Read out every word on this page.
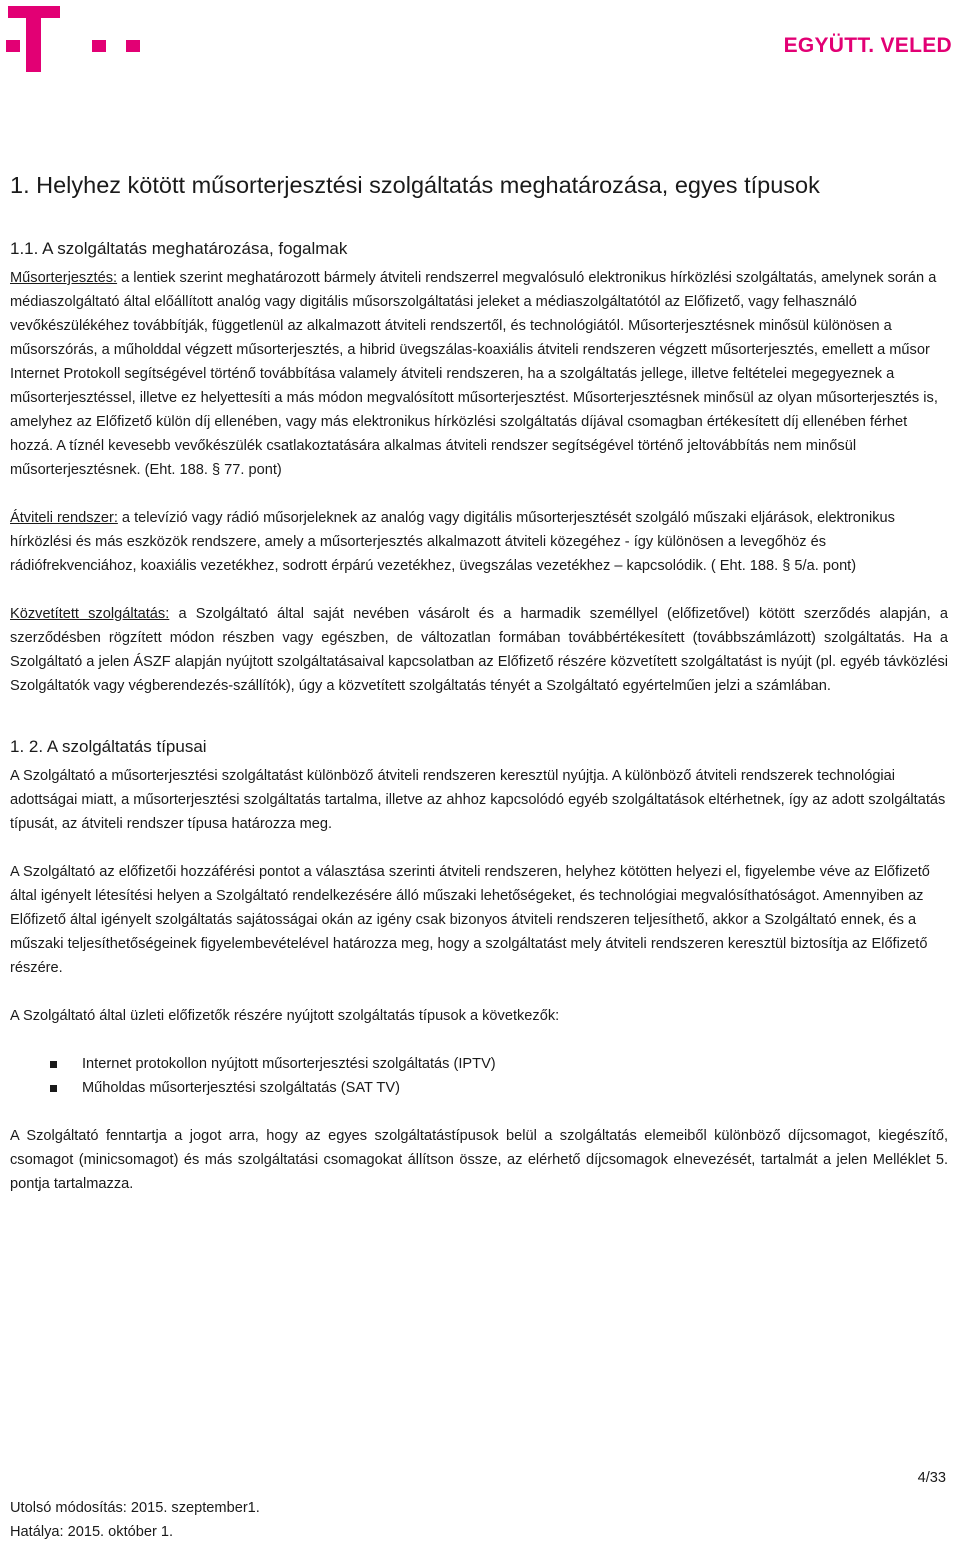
EGYÜTT. VELED
1. Helyhez kötött műsorterjesztési szolgáltatás meghatározása, egyes típusok
1.1. A szolgáltatás meghatározása, fogalmak

Műsorterjesztés: a lentiek szerint meghatározott bármely átviteli rendszerrel megvalósuló elektronikus hírközlési szolgáltatás, amelynek során a médiaszolgáltató által előállított analóg vagy digitális műsorszolgáltatási jeleket a médiaszolgáltatótól az Előfizető, vagy felhasználó vevőkészülékéhez továbbítják, függetlenül az alkalmazott átviteli rendszertől, és technológiától. Műsorterjesztésnek minősül különösen a műsorszórás, a műholddal végzett műsorterjesztés, a hibrid üvegszálas-koaxiális átviteli rendszeren végzett műsorterjesztés, emellett a műsor Internet Protokoll segítségével történő továbbítása valamely átviteli rendszeren, ha a szolgáltatás jellege, illetve feltételei megegyeznek a műsorterjesztéssel, illetve ez helyettesíti a más módon megvalósított műsorterjesztést. Műsorterjesztésnek minősül az olyan műsorterjesztés is, amelyhez az Előfizető külön díj ellenében, vagy más elektronikus hírközlési szolgáltatás díjával csomagban értékesített díj ellenében férhet hozzá. A tíznél kevesebb vevőkészülék csatlakoztatására alkalmas átviteli rendszer segítségével történő jeltovábbítás nem minősül műsorterjesztésnek. (Eht. 188. § 77. pont)

Átviteli rendszer: a televízió vagy rádió műsorjeleknek az analóg vagy digitális műsorterjesztését szolgáló műszaki eljárások, elektronikus hírközlési és más eszközök rendszere, amely a műsorterjesztés alkalmazott átviteli közegéhez - így különösen a levegőhöz és rádiófrekvenciához, koaxiális vezetékhez, sodrott érpárú vezetékhez, üvegszálas vezetékhez – kapcsolódik. ( Eht. 188. § 5/a. pont)

Közvetített szolgáltatás: a Szolgáltató által saját nevében vásárolt és a harmadik személlyel (előfizetővel) kötött szerződés alapján, a szerződésben rögzített módon részben vagy egészben, de változatlan formában továbbértékesített (továbbszámlázott) szolgáltatás. Ha a Szolgáltató a jelen ÁSZF alapján nyújtott szolgáltatásaival kapcsolatban az Előfizető részére közvetített szolgáltatást is nyújt (pl. egyéb távközlési Szolgáltatók vagy végberendezés-szállítók), úgy a közvetített szolgáltatás tényét a Szolgáltató egyértelműen jelzi a számlában.

1. 2. A szolgáltatás típusai

A Szolgáltató a műsorterjesztési szolgáltatást különböző átviteli rendszeren keresztül nyújtja. A különböző átviteli rendszerek technológiai adottságai miatt, a műsorterjesztési szolgáltatás tartalma, illetve az ahhoz kapcsolódó egyéb szolgáltatások eltérhetnek, így az adott szolgáltatás típusát, az átviteli rendszer típusa határozza meg.

A Szolgáltató az előfizetői hozzáférési pontot a választása szerinti átviteli rendszeren, helyhez kötötten helyezi el, figyelembe véve az Előfizető által igényelt létesítési helyen a Szolgáltató rendelkezésére álló műszaki lehetőségeket, és technológiai megvalósíthatóságot. Amennyiben az Előfizető által igényelt szolgáltatás sajátosságai okán az igény csak bizonyos átviteli rendszeren teljesíthető, akkor a Szolgáltató ennek, és a műszaki teljesíthetőségeinek figyelembevételével határozza meg, hogy a szolgáltatást mely átviteli rendszeren keresztül biztosítja az Előfizető részére.

A Szolgáltató által üzleti előfizetők részére nyújtott szolgáltatás típusok a következők:

Internet protokollon nyújtott műsorterjesztési szolgáltatás (IPTV)
Műholdas műsorterjesztési szolgáltatás (SAT TV)

A Szolgáltató fenntartja a jogot arra, hogy az egyes szolgáltatástípusok belül a szolgáltatás elemeiből különböző díjcsomagot, kiegészítő, csomagot (minicsomagot) és más szolgáltatási csomagokat állítson össze, az elérhető díjcsomagok elnevezését, tartalmát a jelen Melléklet 5. pontja tartalmazza.

4/33
Utolsó módosítás: 2015. szeptember1.
Hatálya: 2015. október 1.
